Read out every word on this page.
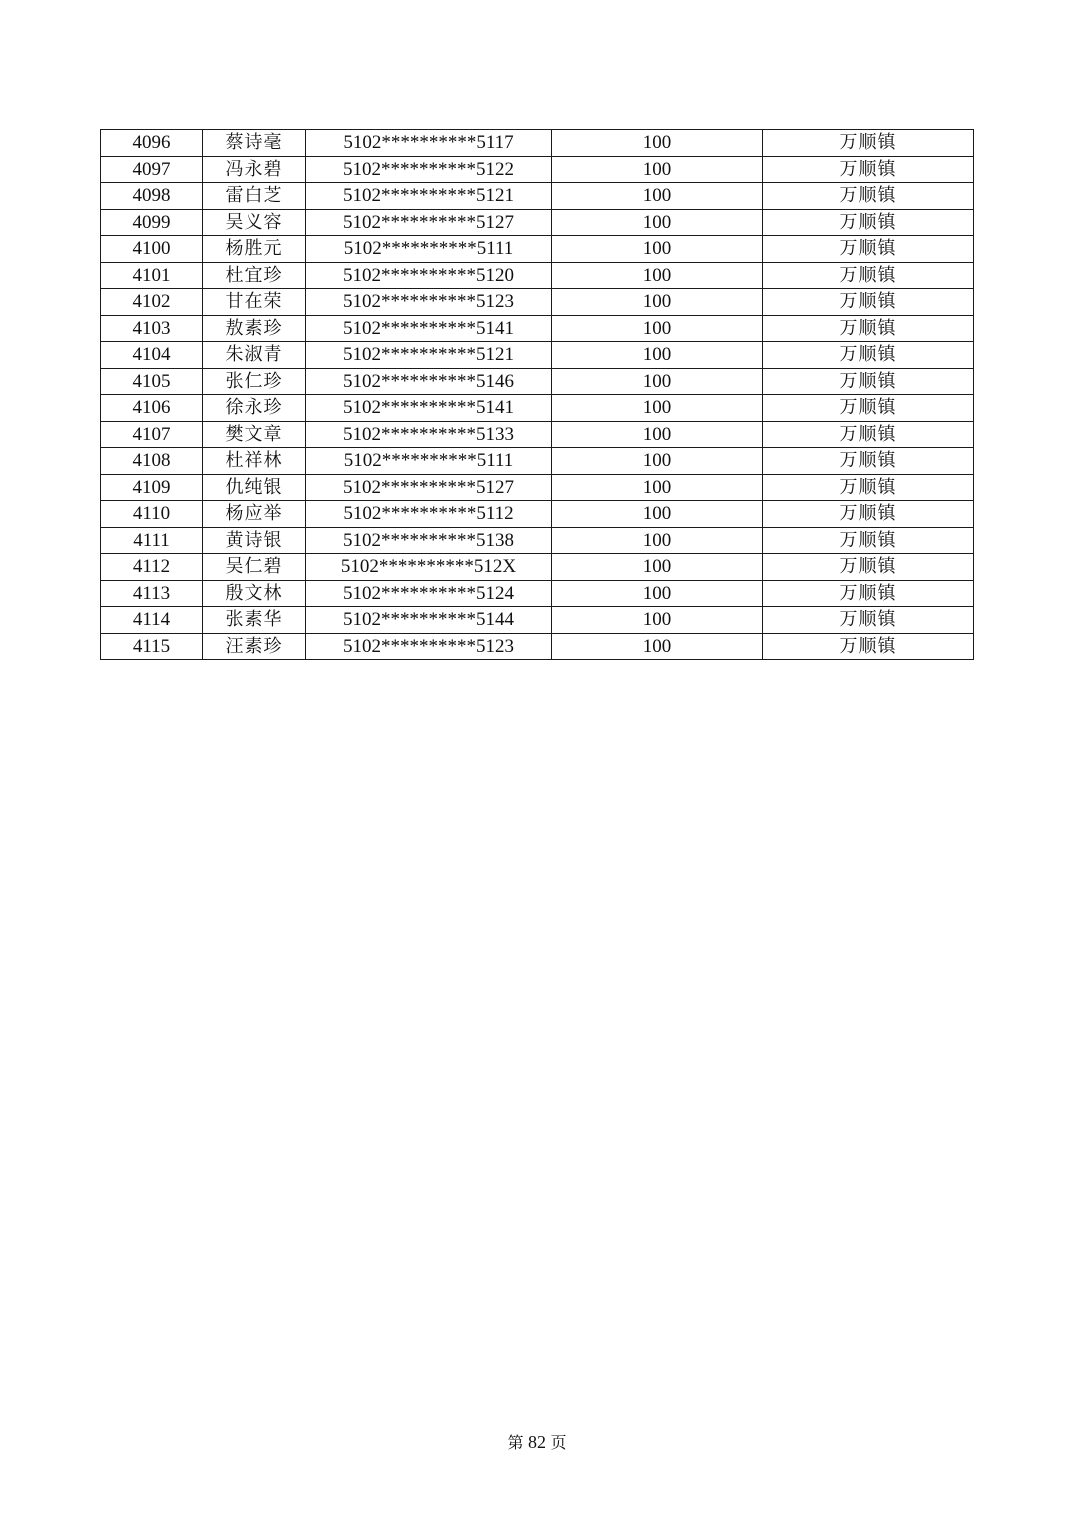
4096	蔡诗毫	5102**********5117	100	万顺镇
4097	冯永碧	5102**********5122	100	万顺镇
4098	雷白芝	5102**********5121	100	万顺镇
4099	吴义容	5102**********5127	100	万顺镇
4100	杨胜元	5102**********5111	100	万顺镇
4101	杜宜珍	5102**********5120	100	万顺镇
4102	甘在荣	5102**********5123	100	万顺镇
4103	敖素珍	5102**********5141	100	万顺镇
4104	朱淑青	5102**********5121	100	万顺镇
4105	张仁珍	5102**********5146	100	万顺镇
4106	徐永珍	5102**********5141	100	万顺镇
4107	樊文章	5102**********5133	100	万顺镇
4108	杜祥林	5102**********5111	100	万顺镇
4109	仇纯银	5102**********5127	100	万顺镇
4110	杨应举	5102**********5112	100	万顺镇
4111	黄诗银	5102**********5138	100	万顺镇
4112	吴仁碧	5102**********512X	100	万顺镇
4113	殷文林	5102**********5124	100	万顺镇
4114	张素华	5102**********5144	100	万顺镇
4115	汪素珍	5102**********5123	100	万顺镇
第 82 页
